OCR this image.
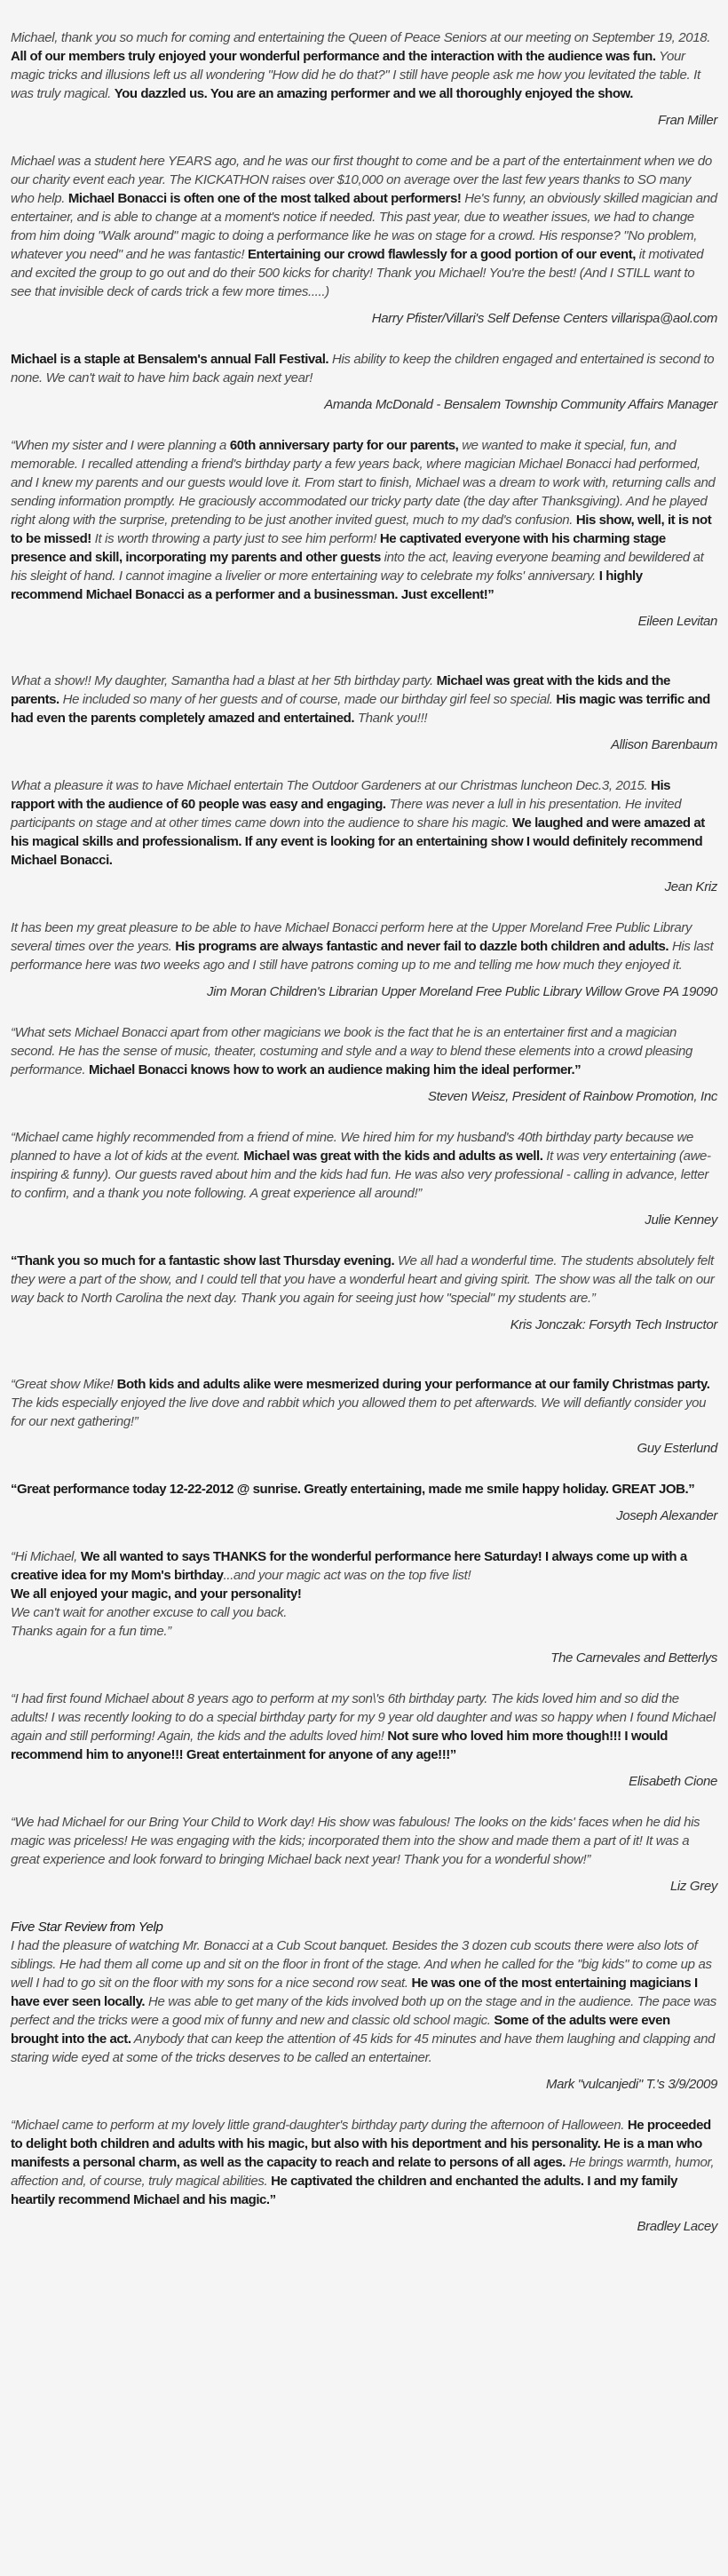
Michael, thank you so much for coming and entertaining the Queen of Peace Seniors at our meeting on September 19, 2018. All of our members truly enjoyed your wonderful performance and the interaction with the audience was fun. Your magic tricks and illusions left us all wondering "How did he do that?" I still have people ask me how you levitated the table. It was truly magical. You dazzled us. You are an amazing performer and we all thoroughly enjoyed the show.

Fran Miller

Michael was a student here YEARS ago, and he was our first thought to come and be a part of the entertainment when we do our charity event each year. The KICKATHON raises over $10,000 on average over the last few years thanks to SO many who help. Michael Bonacci is often one of the most talked about performers! He's funny, an obviously skilled magician and entertainer, and is able to change at a moment's notice if needed. This past year, due to weather issues, we had to change from him doing "Walk around" magic to doing a performance like he was on stage for a crowd. His response? "No problem, whatever you need" and he was fantastic! Entertaining our crowd flawlessly for a good portion of our event, it motivated and excited the group to go out and do their 500 kicks for charity! Thank you Michael! You're the best! (And I STILL want to see that invisible deck of cards trick a few more times.....)

Harry Pfister/Villari's Self Defense Centers villarispa@aol.com

Michael is a staple at Bensalem's annual Fall Festival. His ability to keep the children engaged and entertained is second to none. We can't wait to have him back again next year!

Amanda McDonald - Bensalem Township Community Affairs Manager

“When my sister and I were planning a 60th anniversary party for our parents, we wanted to make it special, fun, and memorable. I recalled attending a friend's birthday party a few years back, where magician Michael Bonacci had performed, and I knew my parents and our guests would love it. From start to finish, Michael was a dream to work with, returning calls and sending information promptly. He graciously accommodated our tricky party date (the day after Thanksgiving). And he played right along with the surprise, pretending to be just another invited guest, much to my dad's confusion. His show, well, it is not to be missed! It is worth throwing a party just to see him perform! He captivated everyone with his charming stage presence and skill, incorporating my parents and other guests into the act, leaving everyone beaming and bewildered at his sleight of hand. I cannot imagine a livelier or more entertaining way to celebrate my folks' anniversary. I highly recommend Michael Bonacci as a performer and a businessman. Just excellent!”

Eileen Levitan

What a show!! My daughter, Samantha had a blast at her 5th birthday party. Michael was great with the kids and the parents. He included so many of her guests and of course, made our birthday girl feel so special. His magic was terrific and had even the parents completely amazed and entertained. Thank you!!!

Allison Barenbaum

What a pleasure it was to have Michael entertain The Outdoor Gardeners at our Christmas luncheon Dec.3, 2015. His rapport with the audience of 60 people was easy and engaging. There was never a lull in his presentation. He invited participants on stage and at other times came down into the audience to share his magic. We laughed and were amazed at his magical skills and professionalism. If any event is looking for an entertaining show I would definitely recommend Michael Bonacci.

Jean Kriz

It has been my great pleasure to be able to have Michael Bonacci perform here at the Upper Moreland Free Public Library several times over the years. His programs are always fantastic and never fail to dazzle both children and adults. His last performance here was two weeks ago and I still have patrons coming up to me and telling me how much they enjoyed it.

Jim Moran Children's Librarian Upper Moreland Free Public Library Willow Grove PA 19090

“What sets Michael Bonacci apart from other magicians we book is the fact that he is an entertainer first and a magician second. He has the sense of music, theater, costuming and style and a way to blend these elements into a crowd pleasing performance. Michael Bonacci knows how to work an audience making him the ideal performer.”

Steven Weisz, President of Rainbow Promotion, Inc

“Michael came highly recommended from a friend of mine. We hired him for my husband's 40th birthday party because we planned to have a lot of kids at the event. Michael was great with the kids and adults as well. It was very entertaining (awe-inspiring & funny). Our guests raved about him and the kids had fun. He was also very professional - calling in advance, letter to confirm, and a thank you note following. A great experience all around!”

Julie Kenney

“Thank you so much for a fantastic show last Thursday evening. We all had a wonderful time. The students absolutely felt they were a part of the show, and I could tell that you have a wonderful heart and giving spirit. The show was all the talk on our way back to North Carolina the next day. Thank you again for seeing just how "special" my students are.”

Kris Jonczak: Forsyth Tech Instructor

“Great show Mike! Both kids and adults alike were mesmerized during your performance at our family Christmas party. The kids especially enjoyed the live dove and rabbit which you allowed them to pet afterwards. We will defiantly consider you for our next gathering!”

Guy Esterlund

“Great performance today 12-22-2012 @ sunrise. Greatly entertaining, made me smile happy holiday. GREAT JOB.”

Joseph Alexander

“Hi Michael, We all wanted to says THANKS for the wonderful performance here Saturday! I always come up with a creative idea for my Mom's birthday...and your magic act was on the top five list!
We all enjoyed your magic, and your personality!
We can't wait for another excuse to call you back.
Thanks again for a fun time.”

The Carnevales and Betterlys

“I had first found Michael about 8 years ago to perform at my son\'s 6th birthday party. The kids loved him and so did the adults! I was recently looking to do a special birthday party for my 9 year old daughter and was so happy when I found Michael again and still performing! Again, the kids and the adults loved him! Not sure who loved him more though!!! I would recommend him to anyone!!! Great entertainment for anyone of any age!!!”

Elisabeth Cione

“We had Michael for our Bring Your Child to Work day! His show was fabulous! The looks on the kids' faces when he did his magic was priceless! He was engaging with the kids; incorporated them into the show and made them a part of it! It was a great experience and look forward to bringing Michael back next year! Thank you for a wonderful show!”

Liz Grey
Five Star Review from Yelp

I had the pleasure of watching Mr. Bonacci at a Cub Scout banquet. Besides the 3 dozen cub scouts there were also lots of siblings. He had them all come up and sit on the floor in front of the stage. And when he called for the "big kids" to come up as well I had to go sit on the floor with my sons for a nice second row seat. He was one of the most entertaining magicians I have ever seen locally. He was able to get many of the kids involved both up on the stage and in the audience. The pace was perfect and the tricks were a good mix of funny and new and classic old school magic. Some of the adults were even brought into the act. Anybody that can keep the attention of 45 kids for 45 minutes and have them laughing and clapping and staring wide eyed at some of the tricks deserves to be called an entertainer.

Mark "vulcanjedi" T.'s 3/9/2009

“Michael came to perform at my lovely little grand-daughter's birthday party during the afternoon of Halloween. He proceeded to delight both children and adults with his magic, but also with his deportment and his personality. He is a man who manifests a personal charm, as well as the capacity to reach and relate to persons of all ages. He brings warmth, humor, affection and, of course, truly magical abilities. He captivated the children and enchanted the adults. I and my family heartily recommend Michael and his magic.”

Bradley Lacey
